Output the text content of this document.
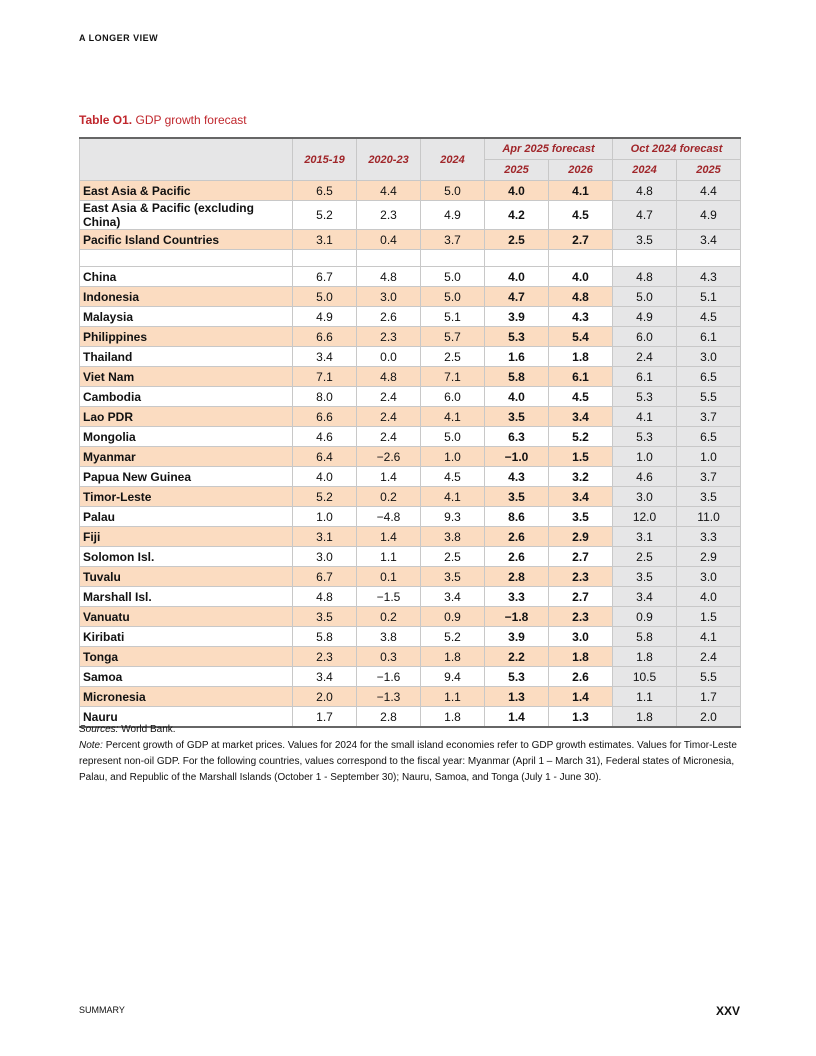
A LONGER VIEW
Table O1. GDP growth forecast
	2015-19	2020-23	2024	Apr 2025 forecast		Oct 2024 forecast	
				2025	2026	2024	2025
East Asia & Pacific	6.5	4.4	5.0	4.0	4.1	4.8	4.4
East Asia & Pacific (excluding China)	5.2	2.3	4.9	4.2	4.5	4.7	4.9
Pacific Island Countries	3.1	0.4	3.7	2.5	2.7	3.5	3.4

China	6.7	4.8	5.0	4.0	4.0	4.8	4.3
Indonesia	5.0	3.0	5.0	4.7	4.8	5.0	5.1
Malaysia	4.9	2.6	5.1	3.9	4.3	4.9	4.5
Philippines	6.6	2.3	5.7	5.3	5.4	6.0	6.1
Thailand	3.4	0.0	2.5	1.6	1.8	2.4	3.0
Viet Nam	7.1	4.8	7.1	5.8	6.1	6.1	6.5
Cambodia	8.0	2.4	6.0	4.0	4.5	5.3	5.5
Lao PDR	6.6	2.4	4.1	3.5	3.4	4.1	3.7
Mongolia	4.6	2.4	5.0	6.3	5.2	5.3	6.5
Myanmar	6.4	−2.6	1.0	−1.0	1.5	1.0	1.0
Papua New Guinea	4.0	1.4	4.5	4.3	3.2	4.6	3.7
Timor-Leste	5.2	0.2	4.1	3.5	3.4	3.0	3.5
Palau	1.0	−4.8	9.3	8.6	3.5	12.0	11.0
Fiji	3.1	1.4	3.8	2.6	2.9	3.1	3.3
Solomon Isl.	3.0	1.1	2.5	2.6	2.7	2.5	2.9
Tuvalu	6.7	0.1	3.5	2.8	2.3	3.5	3.0
Marshall Isl.	4.8	−1.5	3.4	3.3	2.7	3.4	4.0
Vanuatu	3.5	0.2	0.9	−1.8	2.3	0.9	1.5
Kiribati	5.8	3.8	5.2	3.9	3.0	5.8	4.1
Tonga	2.3	0.3	1.8	2.2	1.8	1.8	2.4
Samoa	3.4	−1.6	9.4	5.3	2.6	10.5	5.5
Micronesia	2.0	−1.3	1.1	1.3	1.4	1.1	1.7
Nauru	1.7	2.8	1.8	1.4	1.3	1.8	2.0
Sources: World Bank.
Note: Percent growth of GDP at market prices. Values for 2024 for the small island economies refer to GDP growth estimates. Values for Timor-Leste represent non-oil GDP. For the following countries, values correspond to the fiscal year: Myanmar (April 1 – March 31), Federal states of Micronesia, Palau, and Republic of the Marshall Islands (October 1 - September 30); Nauru, Samoa, and Tonga (July 1 - June 30).
SUMMARY	XXV
